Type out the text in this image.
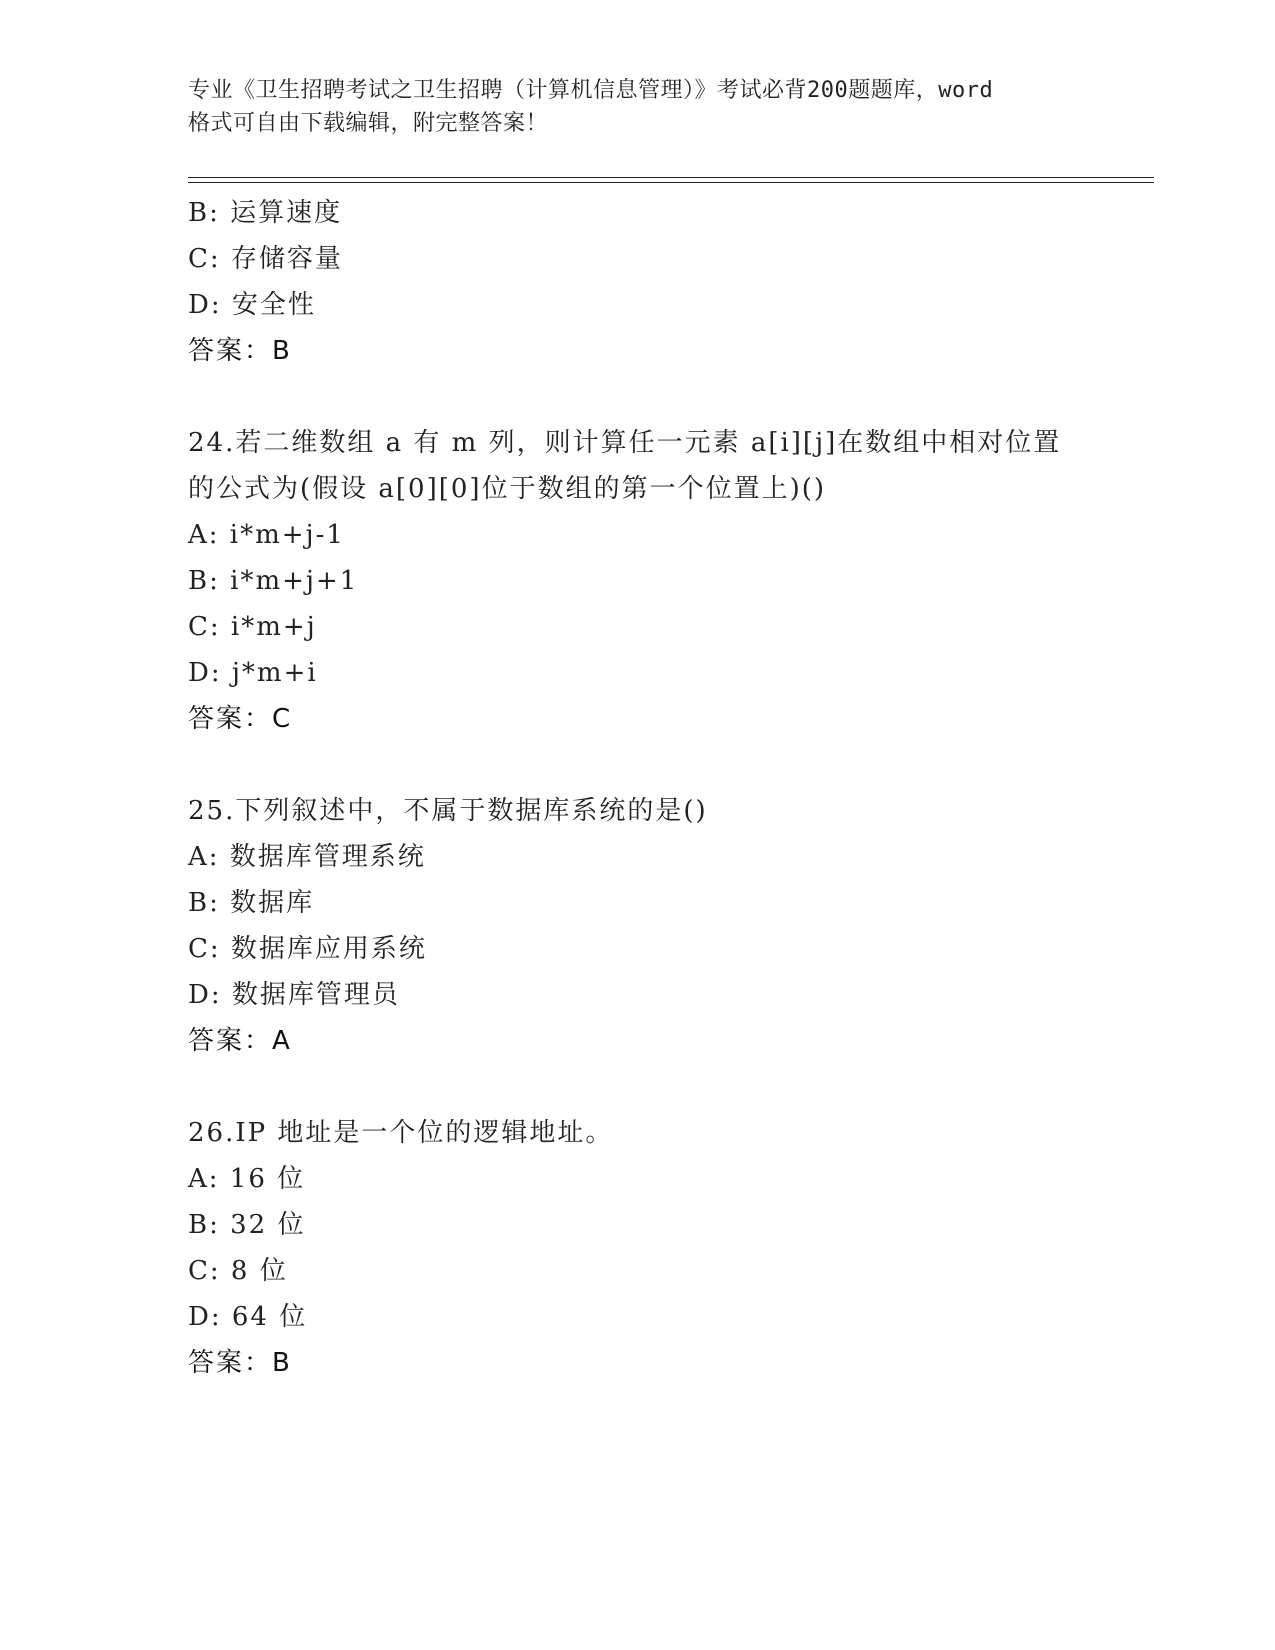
专业《卫生招聘考试之卫生招聘（计算机信息管理）》考试必背200题题库，word
格式可自由下载编辑，附完整答案！
B: 运算速度
C: 存储容量
D: 安全性
答案：B
24.若二维数组 a 有 m 列，则计算任一元素 a[i][j]在数组中相对位置
的公式为(假设 a[0][0]位于数组的第一个位置上)()
A: i*m+j-1
B: i*m+j+1
C: i*m+j
D: j*m+i
答案：C
25.下列叙述中，不属于数据库系统的是()
A: 数据库管理系统
B: 数据库
C: 数据库应用系统
D: 数据库管理员
答案：A
26.IP 地址是一个位的逻辑地址。
A: 16 位
B: 32 位
C: 8 位
D: 64 位
答案：B
